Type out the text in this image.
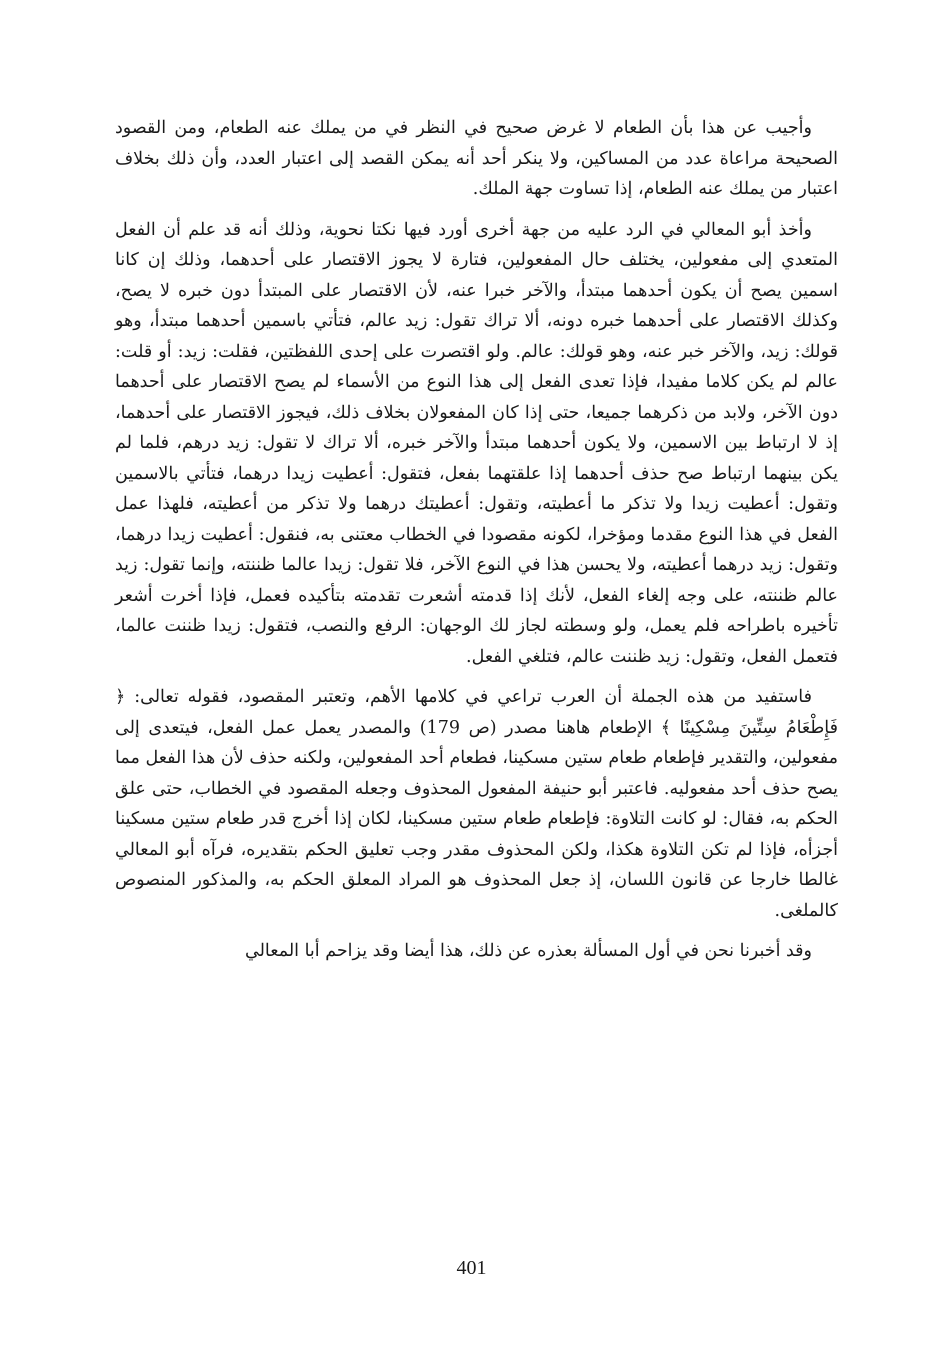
وأجيب عن هذا بأن الطعام لا غرض صحيح في النظر في من يملك عنه الطعام، ومن القصود الصحيحة مراعاة عدد من المساكين، ولا ينكر أحد أنه يمكن القصد إلى اعتبار العدد، وأن ذلك بخلاف اعتبار من يملك عنه الطعام، إذا تساوت جهة الملك.

وأخذ أبو المعالي في الرد عليه من جهة أخرى أورد فيها نكتا نحوية، وذلك أنه قد علم أن الفعل المتعدي إلى مفعولين، يختلف حال المفعولين، فتارة لا يجوز الاقتصار على أحدهما، وذلك إن كانا اسمين يصح أن يكون أحدهما مبتدأ، والآخر خبرا عنه، لأن الاقتصار على المبتدأ دون خبره لا يصح، وكذلك الاقتصار على أحدهما خبره دونه، ألا تراك تقول: زيد عالم، فتأتي باسمين أحدهما مبتدأ، وهو قولك: زيد، والآخر خبر عنه، وهو قولك: عالم. ولو اقتصرت على إحدى اللفظتين، فقلت: زيد: أو قلت: عالم لم يكن كلاما مفيدا، فإذا تعدى الفعل إلى هذا النوع من الأسماء لم يصح الاقتصار على أحدهما دون الآخر، ولابد من ذكرهما جميعا، حتى إذا كان المفعولان بخلاف ذلك، فيجوز الاقتصار على أحدهما، إذ لا ارتباط بين الاسمين، ولا يكون أحدهما مبتدأ والآخر خبره، ألا تراك لا تقول: زيد درهم، فلما لم يكن بينهما ارتباط صح حذف أحدهما إذا علقتهما بفعل، فتقول: أعطيت زيدا درهما، فتأتي بالاسمين وتقول: أعطيت زيدا ولا تذكر ما أعطيته، وتقول: أعطيتك درهما ولا تذكر من أعطيته، فلهذا عمل الفعل في هذا النوع مقدما ومؤخرا، لكونه مقصودا في الخطاب معتنى به، فنقول: أعطيت زيدا درهما، وتقول: زيد درهما أعطيته، ولا يحسن هذا في النوع الآخر، فلا تقول: زيدا عالما ظننته، وإنما تقول: زيد عالم ظننته، على وجه إلغاء الفعل، لأنك إذا قدمته أشعرت تقدمته بتأكيده فعمل، فإذا أخرت أشعر تأخيره باطراحه فلم يعمل، ولو وسطته لجاز لك الوجهان: الرفع والنصب، فتقول: زيدا ظننت عالما، فتعمل الفعل، وتقول: زيد ظننت عالم، فتلغي الفعل.

فاستفيد من هذه الجملة أن العرب تراعي في كلامها الأهم، وتعتبر المقصود، فقوله تعالى: ﴿ فَإِطْعَامُ سِتِّينَ مِسْكِينًا ﴾ الإطعام هاهنا مصدر (ص 179) والمصدر يعمل عمل الفعل، فيتعدى إلى مفعولين، والتقدير فإطعام طعام ستين مسكينا، فطعام أحد المفعولين، ولكنه حذف لأن هذا الفعل مما يصح حذف أحد مفعوليه. فاعتبر أبو حنيفة المفعول المحذوف وجعله المقصود في الخطاب، حتى علق الحكم به، فقال: لو كانت التلاوة: فإطعام طعام ستين مسكينا، لكان إذا أخرج قدر طعام ستين مسكينا أجزأه، فإذا لم تكن التلاوة هكذا، ولكن المحذوف مقدر وجب تعليق الحكم بتقديره، فرآه أبو المعالي غالطا خارجا عن قانون اللسان، إذ جعل المحذوف هو المراد المعلق الحكم به، والمذكور المنصوص كالملغى.

وقد أخبرنا نحن في أول المسألة بعذره عن ذلك، هذا أيضا وقد يزاحم أبا المعالي

401
